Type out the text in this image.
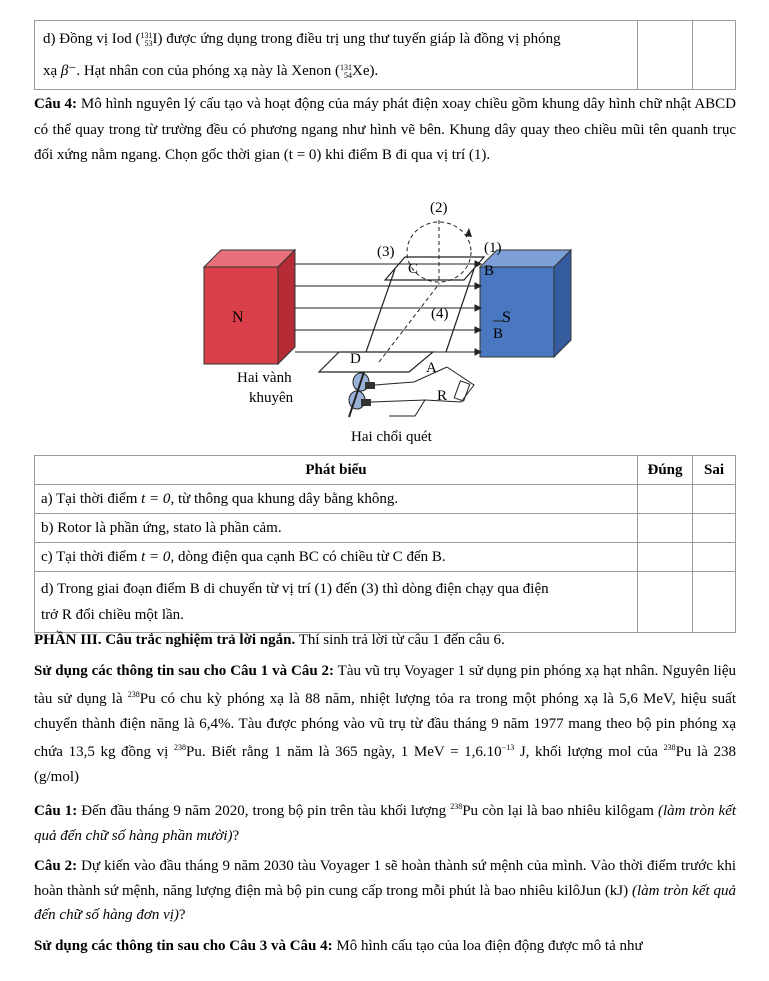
d) Đồng vị Iod ( 131
53 I) được ứng dụng trong điều trị ung thư tuyến giáp là đồng vị phóng
xạ β⁻. Hạt nhân con của phóng xạ này là Xenon ( 131
54 Xe).

Câu 4: Mô hình nguyên lý cấu tạo và hoạt động của máy phát điện xoay chiều gồm khung dây hình chữ nhật ABCD có thể quay trong từ trường đều có phương ngang như hình vẽ bên. Khung dây quay theo chiều mũi tên quanh trục đối xứng nằm ngang. Chọn gốc thời gian (t = 0) khi điểm B đi qua vị trí (1).

N	S
(2)
(3)	(1)
(4)
C	B
D
A
B
R
Hai vành
khuyên
Hai chổi quét
Phát biểu	Đúng	Sai
a) Tại thời điểm t = 0, từ thông qua khung dây bằng không.		
b) Rotor là phần ứng, stato là phần cảm.		
c) Tại thời điểm t = 0, dòng điện qua cạnh BC có chiều từ C đến B.		

d) Trong giai đoạn điểm B di chuyển từ vị trí (1) đến (3) thì dòng điện chạy qua điện
trở R đổi chiều một lần.		

PHẦN III. Câu trắc nghiệm trả lời ngắn. Thí sinh trả lời từ câu 1 đến câu 6.

Sử dụng các thông tin sau cho Câu 1 và Câu 2: Tàu vũ trụ Voyager 1 sử dụng pin phóng xạ hạt nhân. Nguyên liệu tàu sử dụng là $^{238}$Pu có chu kỳ phóng xạ là 88 năm, nhiệt lượng tỏa ra trong một phóng xạ là 5,6 MeV, hiệu suất chuyển thành điện năng là 6,4%. Tàu được phóng vào vũ trụ từ đầu tháng 9 năm 1977 mang theo bộ pin phóng xạ chứa 13,5 kg đồng vị $^{238}$Pu. Biết rằng 1 năm là 365 ngày, 1 MeV = $1,6.10^{-13}$ J, khối lượng mol của $^{238}$Pu là 238 (g/mol)

Câu 1: Đến đầu tháng 9 năm 2020, trong bộ pin trên tàu khối lượng $^{238}$Pu còn lại là bao nhiêu kilôgam (làm tròn kết quả đến chữ số hàng phần mười)?

Câu 2: Dự kiến vào đầu tháng 9 năm 2030 tàu Voyager 1 sẽ hoàn thành sứ mệnh của mình. Vào thời điểm trước khi hoàn thành sứ mệnh, năng lượng điện mà bộ pin cung cấp trong mỗi phút là bao nhiêu kilôJun (kJ) (làm tròn kết quả đến chữ số hàng đơn vị)?

Sử dụng các thông tin sau cho Câu 3 và Câu 4: Mô hình cấu tạo của loa điện động được mô tả như
